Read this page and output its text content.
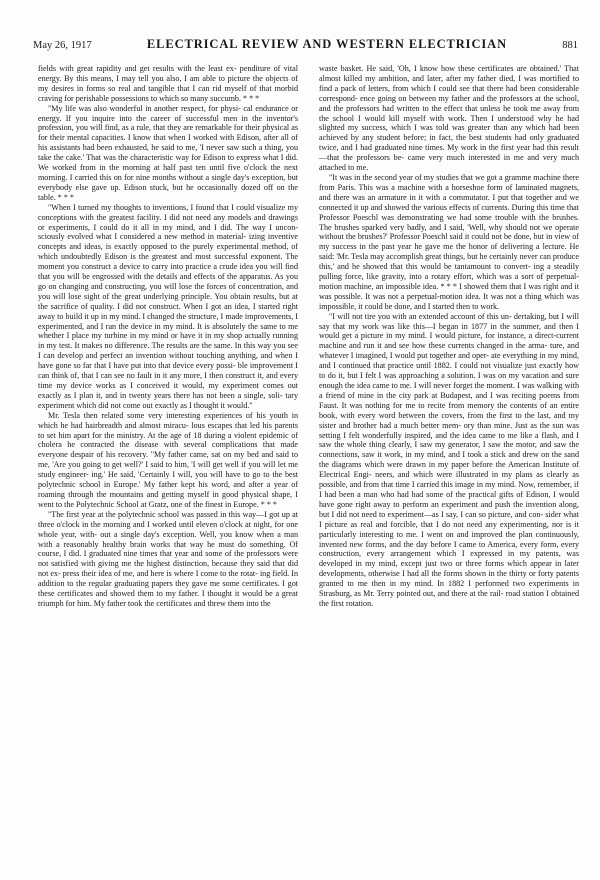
May 26, 1917	ELECTRICAL REVIEW AND WESTERN ELECTRICIAN	881

fields with great rapidity and get results with the least ex- penditure of vital energy. By this means, I may tell you also, I am able to picture the objects of my desires in forms so real and tangible that I can rid myself of that morbid craving for perishable possessions to which so many succumb. * * *

"My life was also wonderful in another respect, for physi- cal endurance or energy. If you inquire into the career of successful men in the inventor's profession, you will find, as a rule, that they are remarkable for their physical as for their mental capacities. I know that when I worked with Edison, after all of his assistants had been exhausted, he said to me, 'I never saw such a thing, you take the cake.' That was the characteristic way for Edison to express what I did. We worked from in the morning at half past ten until five o'clock the next morning. I carried this on for nine months without a single day's exception, but everybody else gave up. Edison stuck, but he occasionally dozed off on the table. * * *

"When I turned my thoughts to inventions, I found that I could visualize my conceptions with the greatest facility. I did not need any models and drawings or experiments, I could do it all in my mind, and I did. The way I uncon- sciously evolved what I considered a new method in material- izing inventive concepts and ideas, is exactly opposed to the purely experimental method, of which undoubtedly Edison is the greatest and most successful exponent. The moment you construct a device to carry into practice a crude idea you will find that you will be engrossed with the details and effects of the apparatus. As you go on changing and constructing, you will lose the forces of concentration, and you will lose sight of the great underlying principle. You obtain results, but at the sacrifice of quality. I did not construct. When I got an idea, I started right away to build it up in my mind. I changed the structure, I made improvements, I experimented, and I ran the device in my mind. It is absolutely the same to me whether I place my turbine in my mind or have it in my shop actually running in my test. It makes no difference. The results are the same. In this way you see I can develop and perfect an invention without touching anything, and when I have gone so far that I have put into that device every possi- ble improvement I can think of, that I can see no fault in it any more, I then construct it, and every time my device works as I conceived it would, my experiment comes out exactly as I plan it, and in twenty years there has not been a single, soli- tary experiment which did not come out exactly as I thought it would."

Mr. Tesla then related some very interesting experiences of his youth in which he had hairbreadth and almost miracu- lous escapes that led his parents to set him apart for the ministry. At the age of 18 during a violent epidemic of cholera he contracted the disease with several complications that made everyone despair of his recovery. "My father came, sat on my bed and said to me, 'Are you going to get well?' I said to him, 'I will get well if you will let me study engineer- ing.' He said, 'Certainly I will, you will have to go to the best polytechnic school in Europe.' My father kept his word, and after a year of roaming through the mountains and getting myself in good physical shape, I went to the Polytechnic School at Gratz, one of the finest in Europe. * * *

"The first year at the polytechnic school was passed in this way—I got up at three o'clock in the morning and I worked until eleven o'clock at night, for one whole year, with- out a single day's exception. Well, you know when a man with a reasonably healthy brain works that way he must do something. Of course, I did. I graduated nine times that year and some of the professors were not satisfied with giving me the highest distinction, because they said that did not ex- press their idea of me, and here is where I come to the rotat- ing field. In addition to the regular graduating papers they gave me some certificates. I got these certificates and showed them to my father. I thought it would be a great triumph for him. My father took the certificates and threw them into the

waste basket. He said, 'Oh, I know how these certificates are obtained.' That almost killed my ambition, and later, after my father died, I was mortified to find a pack of letters, from which I could see that there had been considerable correspond- ence going on between my father and the professors at the school, and the professors had written to the effect that unless he took me away from the school I would kill myself with work. Then I understood why he had slighted my success, which I was told was greater than any which had been achieved by any student before; in fact, the best students had only graduated twice, and I had graduated nine times. My work in the first year had this result—that the professors be- came very much interested in me and very much attached to me.

"It was in the second year of my studies that we got a gramme machine there from Paris. This was a machine with a horseshoe form of laminated magnets, and there was an armature in it with a commutator. I put that together and we connected it up and showed the various effects of currents. During this time that Professor Poeschl was demonstrating we had some trouble with the brushes. The brushes sparked very badly, and I said, 'Well, why should not we operate without the brushes?' Professor Poeschl said it could not be done, but in view of my success in the past year he gave me the honor of delivering a lecture. He said: 'Mr. Tesla may accomplish great things, but he certainly never can produce this,' and he showed that this would be tantamount to convert- ing a steadily pulling force, like gravity, into a rotary effort, which was a sort of perpetual-motion machine, an impossible idea. * * * I showed them that I was right and it was possible. It was not a perpetual-motion idea. It was not a thing which was impossible, it could be done, and I started then to work.

"I will not tire you with an extended account of this un- dertaking, but I will say that my work was like this—I began in 1877 in the summer, and then I would get a picture in my mind. I would picture, for instance, a direct-current machine and run it and see how these currents changed in the arma- ture, and whatever I imagined, I would put together and oper- ate everything in my mind, and I continued that practice until 1882. I could not visualize just exactly how to do it, but I felt I was approaching a solution. I was on my vacation and sure enough the idea came to me. I will never forget the moment. I was walking with a friend of mine in the city park at Budapest, and I was reciting poems from Faust. It was nothing for me to recite from memory the contents of an entire book, with every word between the covers, from the first to the last, and my sister and brother had a much better mem- ory than mine. Just as the sun was setting I felt wonderfully inspired, and the idea came to me like a flash, and I saw the whole thing clearly, I saw my generator, I saw the motor, and saw the connections, saw it work, in my mind, and I took a stick and drew on the sand the diagrams which were drawn in my paper before the American Institute of Electrical Engi- neers, and which were illustrated in my plans as clearly as possible, and from that time I carried this image in my mind. Now, remember, if I had been a man who had had some of the practical gifts of Edison, I would have gone right away to perform an experiment and push the invention along, but I did not need to experiment—as I say, I can so picture, and con- sider what I picture as real and forcible, that I do not need any experimenting, nor is it particularly interesting to me. I went on and improved the plan continuously, invented new forms, and the day before I came to America, every form, every construction, every arrangement which I expressed in my patents, was developed in my mind, except just two or three forms which appear in later developments, otherwise I had all the forms shown in the thirty or forty patents granted to me then in my mind. In 1882 I performed two experiments in Strasburg, as Mr. Terry pointed out, and there at the rail- road station I obtained the first rotation.
